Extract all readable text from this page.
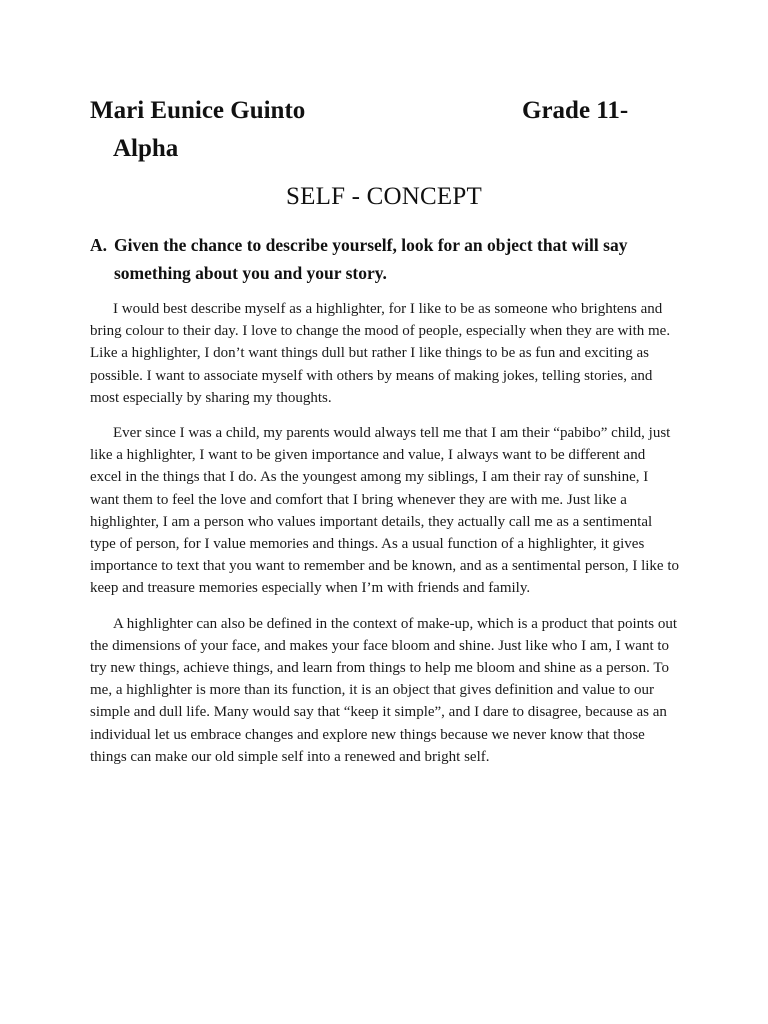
Mari Eunice Guinto	Grade 11-
Alpha
SELF - CONCEPT
A. Given the chance to describe yourself, look for an object that will say something about you and your story.

I would best describe myself as a highlighter, for I like to be as someone who brightens and bring colour to their day. I love to change the mood of people, especially when they are with me. Like a highlighter, I don’t want things dull but rather I like things to be as fun and exciting as possible. I want to associate myself with others by means of making jokes, telling stories, and most especially by sharing my thoughts.

Ever since I was a child, my parents would always tell me that I am their “pabibo” child, just like a highlighter, I want to be given importance and value, I always want to be different and excel in the things that I do. As the youngest among my siblings, I am their ray of sunshine, I want them to feel the love and comfort that I bring whenever they are with me. Just like a highlighter, I am a person who values important details, they actually call me as a sentimental type of person, for I value memories and things. As a usual function of a highlighter, it gives importance to text that you want to remember and be known, and as a sentimental person, I like to keep and treasure memories especially when I’m with friends and family.

A highlighter can also be defined in the context of make-up, which is a product that points out the dimensions of your face, and makes your face bloom and shine. Just like who I am, I want to try new things, achieve things, and learn from things to help me bloom and shine as a person. To me, a highlighter is more than its function, it is an object that gives definition and value to our simple and dull life. Many would say that “keep it simple”, and I dare to disagree, because as an individual let us embrace changes and explore new things because we never know that those things can make our old simple self into a renewed and bright self.
